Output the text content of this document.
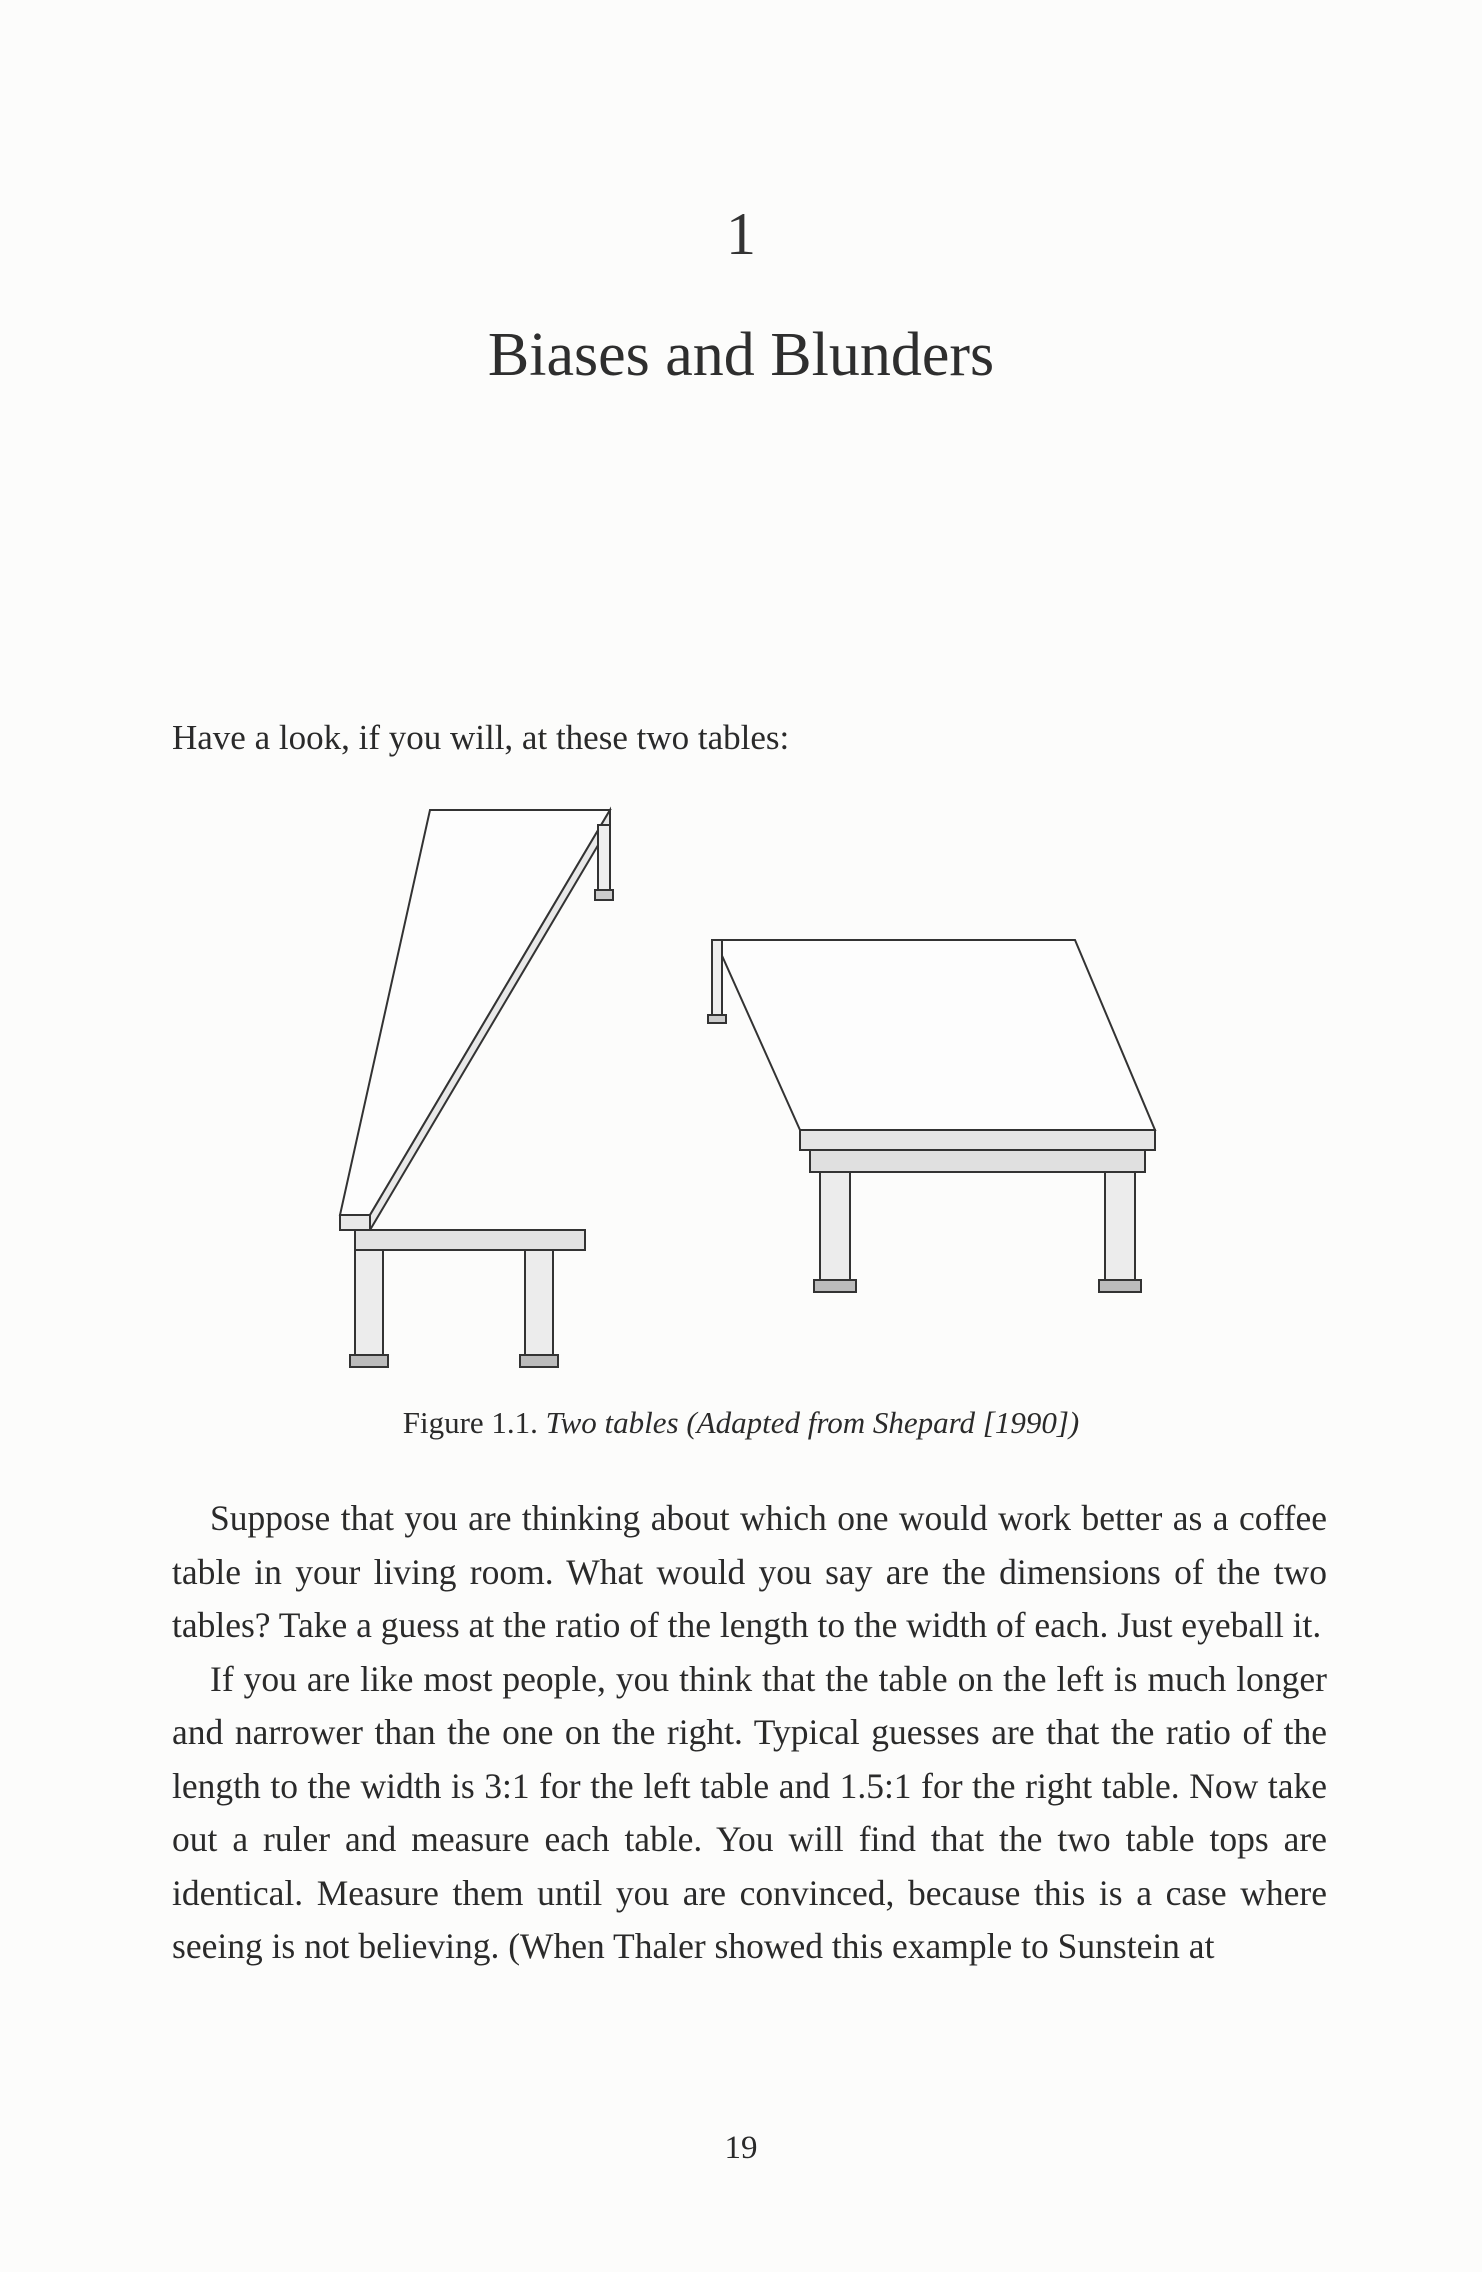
1
Biases and Blunders
Have a look, if you will, at these two tables:
Figure 1.1. Two tables (Adapted from Shepard [1990])

Suppose that you are thinking about which one would work better as a coffee table in your living room. What would you say are the dimensions of the two tables? Take a guess at the ratio of the length to the width of each. Just eyeball it.

If you are like most people, you think that the table on the left is much longer and narrower than the one on the right. Typical guesses are that the ratio of the length to the width is 3:1 for the left table and 1.5:1 for the right table. Now take out a ruler and measure each table. You will find that the two table tops are identical. Measure them until you are convinced, because this is a case where seeing is not believing. (When Thaler showed this example to Sunstein at

19
